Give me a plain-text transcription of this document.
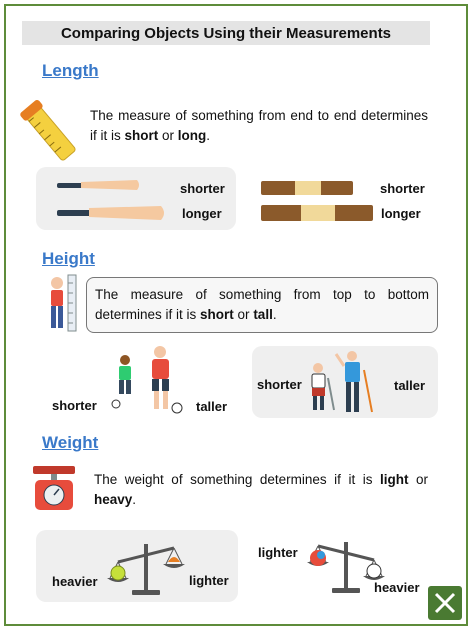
Comparing Objects Using their Measurements
Length
The measure of something from end to end determines if it is short or long.
shorter
longer
shorter
longer
Height
The measure of something from top to bottom determines if it is short or tall.
shorter	taller
shorter	taller
Weight
The weight of something determines if it is light or heavy.
heavier	lighter
lighter
heavier
